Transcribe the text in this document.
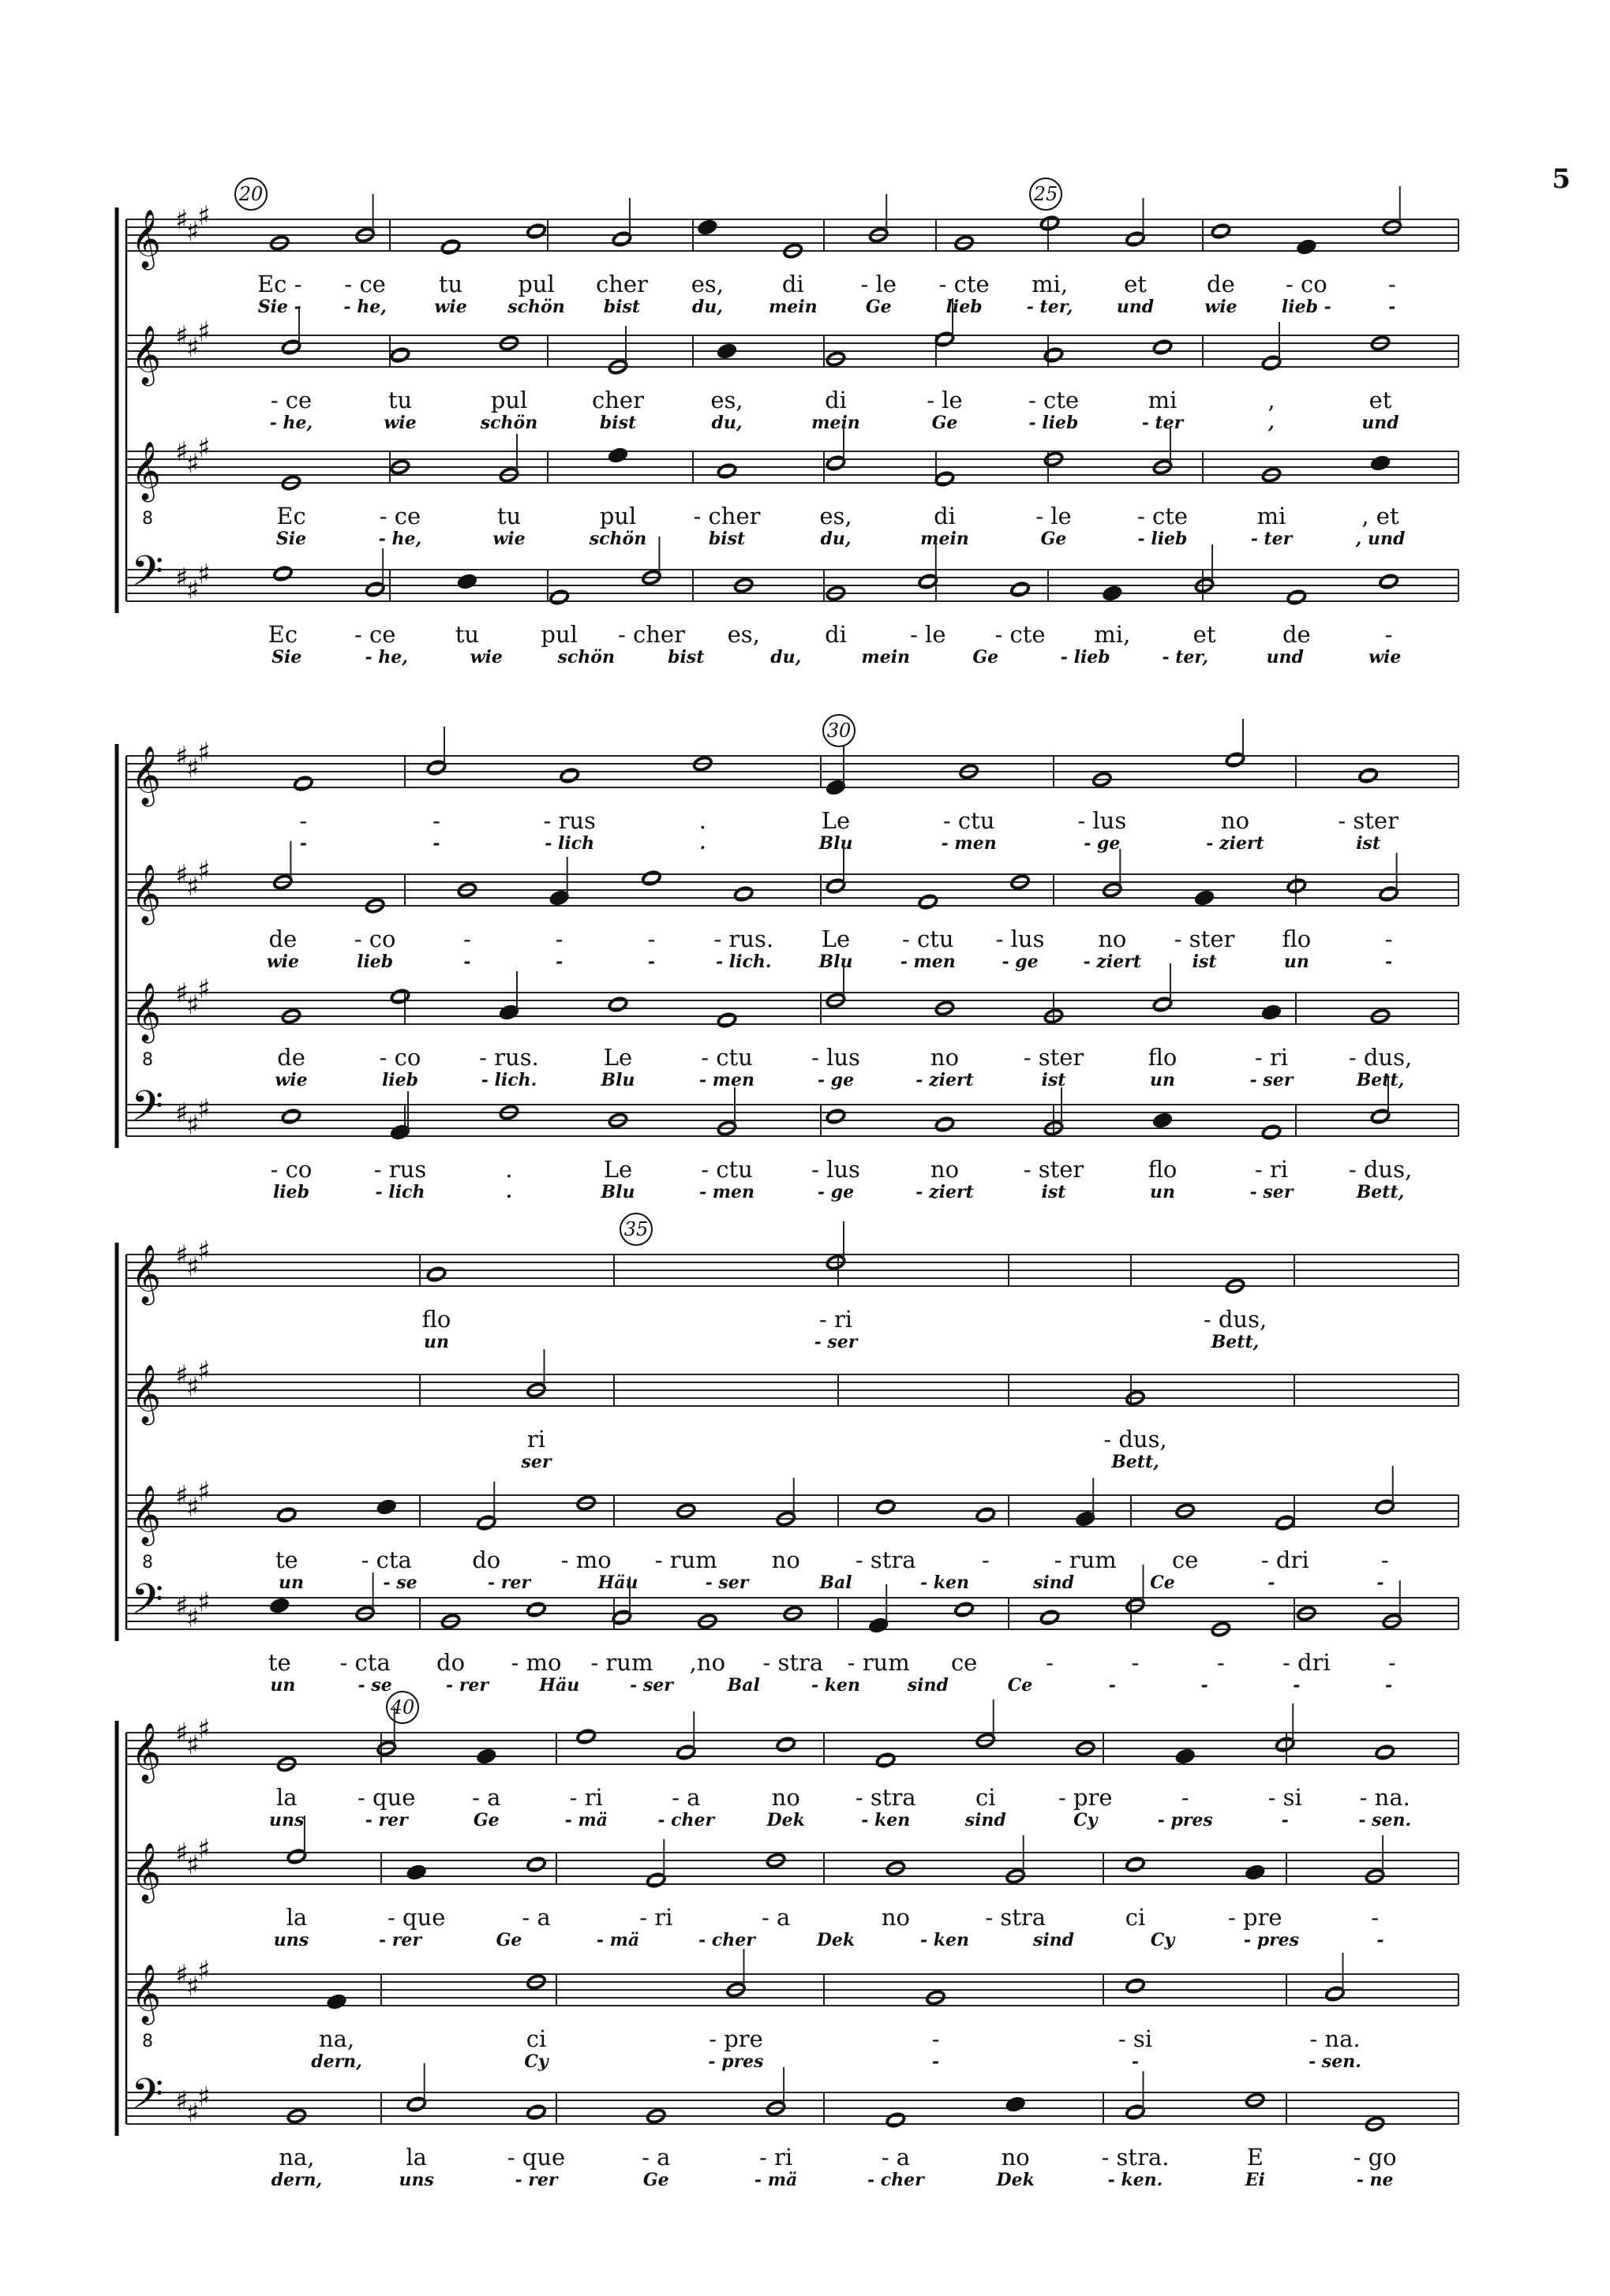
5
20	25
𝄞 ♯
♯
♯
Ec - - ce tu pul cher es,	di - le - cte mi, et	de - co	-
Sie - - he,	wie schön bist	du,	mein	Ge	lieb	- ter,	und	wie	lieb -	-
𝄞 ♯
♯
♯
- ce	tu	pul	cher	es,	di	- le	- cte	mi	,	et
- he,	wie	schön	bist	du,	mein	Ge	- lieb	- ter	,	und
𝄞
8
♯
♯
♯
Ec	- ce	tu	pul - cher	es,	di	- le	- cte	mi	, et
Sie	- he,	wie	schön	bist	du,	mein	Ge	- lieb	- ter	, und
𝄢 ♯
♯
♯
Ec - ce	tu	pul - cher es,	di	- le - cte mi,	et	de	-
Sie	- he,	wie	schön	bist	du,	mein	Ge	- lieb	- ter,	und	wie
30
𝄞 ♯
♯
♯
-	-	- rus	.	Le	- ctu	- lus	no	- ster
-	-	- lich	.	Blu	- men	- ge	- ziert	ist
𝄞 ♯
♯
♯
de	- co	-	-	-	- rus. Le - ctu - lus no - ster flo	-
wie	lieb	-	-	-	- lich.	Blu	- men	- ge	- ziert	ist	un	-
𝄞
8
♯
♯
♯
de	- co	- rus.	Le	- ctu	- lus	no	- ster	flo	- ri	- dus,
wie	lieb	- lich.	Blu	- men	- ge	- ziert	ist	un	- ser	Bett,
𝄢 ♯
♯
♯
- co	- rus	.	Le	- ctu	- lus	no	- ster	flo	- ri	- dus,
lieb	- lich	.	Blu	- men	- ge	- ziert	ist	un	- ser	Bett,
35
𝄞 ♯
♯
♯
flo	- ri	- dus,
un	- ser	Bett,
𝄞 ♯
♯
♯
ri	- dus,
ser	Bett,
𝄞
8
♯
♯
♯
te	- cta	do	- mo - rum no - stra	-	- rum ce	- dri	-
un	- se	- rer	Häu	- ser	Bal	- ken	sind	Ce	-	-
𝄢 ♯
♯
♯
te - cta do - mo - rum ,no - stra - rum ce	-	-	-	- dri	-
un	- se	- rer	Häu	- ser	Bal	- ken	sind	Ce	-	-	-	-
40
𝄞 ♯
♯
♯
la	- que - a	- ri	- a	no - stra	ci	- pre	-	- si	- na.
uns	- rer	Ge	- mä	- cher	Dek	- ken	sind	Cy	- pres	-	- sen.
𝄞 ♯
♯
♯
la	- que	- a	- ri	- a	no	- stra	ci	- pre	-
uns	- rer	Ge	- mä	- cher	Dek	- ken	sind	Cy	- pres	-
𝄞
8
♯
♯
♯
na,	ci	- pre	-	- si	- na.
dern,	Cy	- pres	-	-	- sen.
𝄢 ♯
♯
♯
na,	la	- que	- a	- ri	- a	no	- stra.	E	- go
dern,	uns	- rer	Ge	- mä	- cher	Dek	- ken.	Ei	- ne
